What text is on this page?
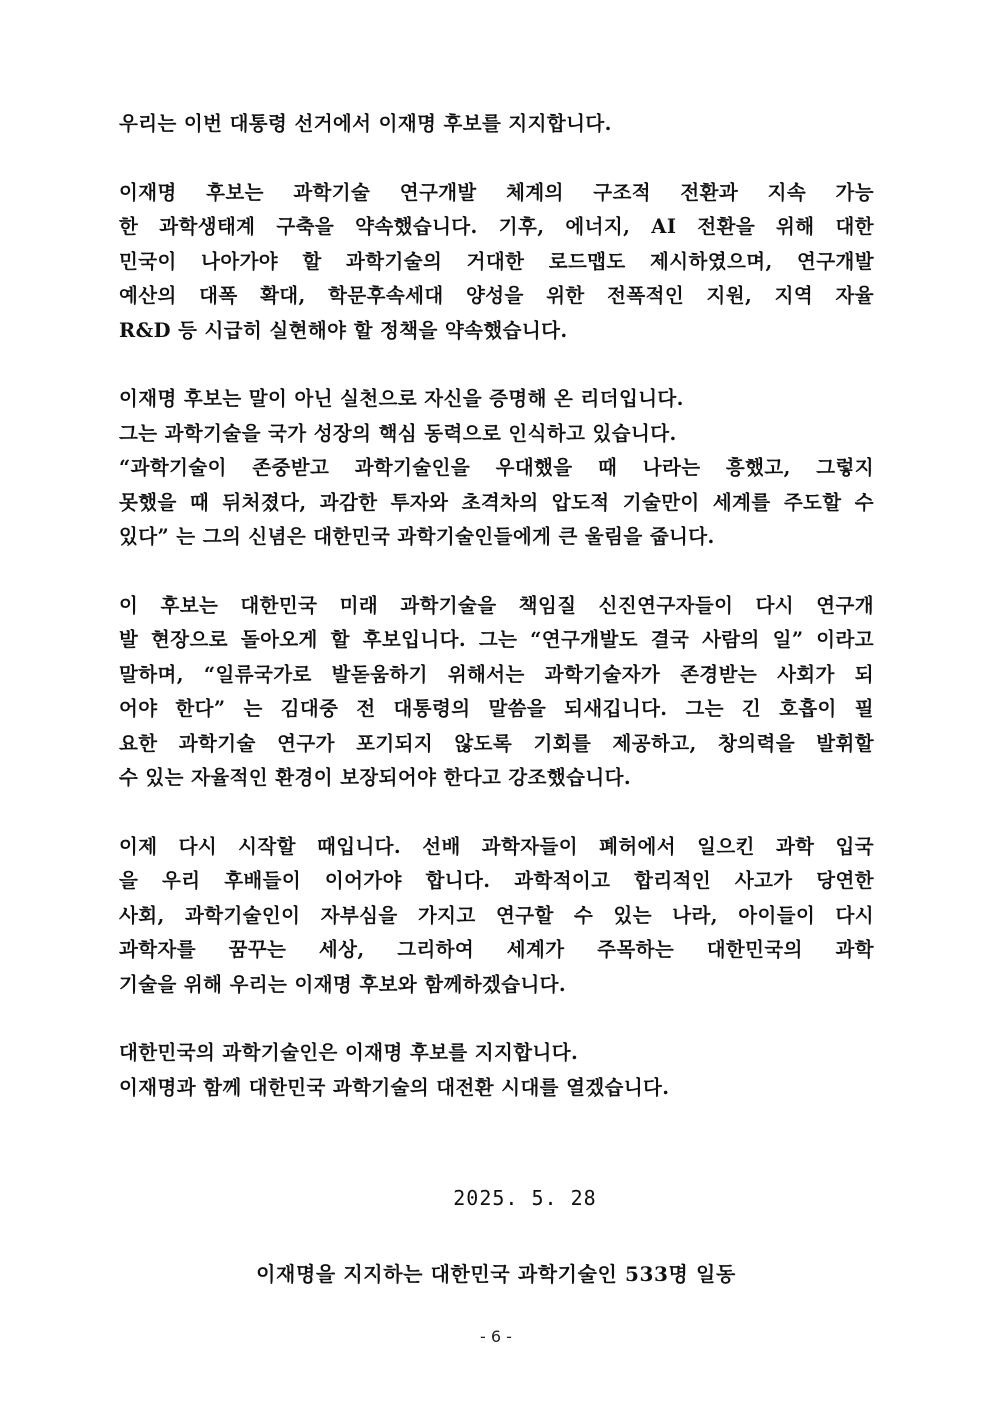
우리는 이번 대통령 선거에서 이재명 후보를 지지합니다.
이재명 후보는 과학기술 연구개발 체계의 구조적 전환과 지속 가능
한 과학생태계 구축을 약속했습니다. 기후, 에너지, AI 전환을 위해 대한
민국이 나아가야 할 과학기술의 거대한 로드맵도 제시하였으며, 연구개발
예산의 대폭 확대, 학문후속세대 양성을 위한 전폭적인 지원, 지역 자율
R&D 등 시급히 실현해야 할 정책을 약속했습니다.
이재명 후보는 말이 아닌 실천으로 자신을 증명해 온 리더입니다.
그는 과학기술을 국가 성장의 핵심 동력으로 인식하고 있습니다.
“과학기술이 존중받고 과학기술인을 우대했을 때 나라는 흥했고, 그렇지
못했을 때 뒤처졌다, 과감한 투자와 초격차의 압도적 기술만이 세계를 주도할 수
있다” 는 그의 신념은 대한민국 과학기술인들에게 큰 울림을 줍니다.
이 후보는 대한민국 미래 과학기술을 책임질 신진연구자들이 다시 연구개
발 현장으로 돌아오게 할 후보입니다. 그는 “연구개발도 결국 사람의 일” 이라고
말하며, “일류국가로 발돋움하기 위해서는 과학기술자가 존경받는 사회가 되
어야 한다” 는 김대중 전 대통령의 말씀을 되새깁니다. 그는 긴 호흡이 필
요한 과학기술 연구가 포기되지 않도록 기회를 제공하고, 창의력을 발휘할
수 있는 자율적인 환경이 보장되어야 한다고 강조했습니다.
이제 다시 시작할 때입니다. 선배 과학자들이 폐허에서 일으킨 과학 입국
을 우리 후배들이 이어가야 합니다. 과학적이고 합리적인 사고가 당연한
사회, 과학기술인이 자부심을 가지고 연구할 수 있는 나라, 아이들이 다시
과학자를 꿈꾸는 세상, 그리하여 세계가 주목하는 대한민국의 과학
기술을 위해 우리는 이재명 후보와 함께하겠습니다.
대한민국의 과학기술인은 이재명 후보를 지지합니다.
이재명과 함께 대한민국 과학기술의 대전환 시대를 열겠습니다.
2025. 5. 28
이재명을 지지하는 대한민국 과학기술인 533명 일동
- 6 -
